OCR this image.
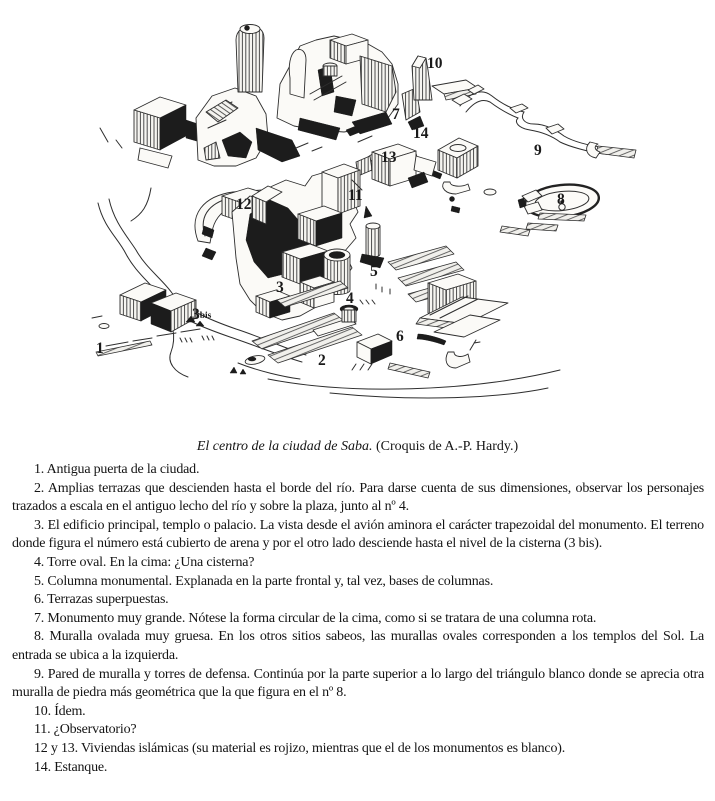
1
2
3
3bis
4
5
6
7
8
9
10
11
12
13
14

El centro de la ciudad de Saba. (Croquis de A.-P. Hardy.)

1. Antigua puerta de la ciudad.

2. Amplias terrazas que descienden hasta el borde del río. Para darse cuenta de sus dimensiones, observar los personajes trazados a escala en el antiguo lecho del río y sobre la plaza, junto al nº 4.

3. El edificio principal, templo o palacio. La vista desde el avión aminora el carácter trapezoidal del monumento. El terreno donde figura el número está cubierto de arena y por el otro lado desciende hasta el nivel de la cisterna (3 bis).

4. Torre oval. En la cima: ¿Una cisterna?

5. Columna monumental. Explanada en la parte frontal y, tal vez, bases de columnas.

6. Terrazas superpuestas.

7. Monumento muy grande. Nótese la forma circular de la cima, como si se tratara de una columna rota.

8. Muralla ovalada muy gruesa. En los otros sitios sabeos, las murallas ovales corresponden a los templos del Sol. La entrada se ubica a la izquierda.

9. Pared de muralla y torres de defensa. Continúa por la parte superior a lo largo del triángulo blanco donde se aprecia otra muralla de piedra más geométrica que la que figura en el nº 8.

10. Ídem.

11. ¿Observatorio?

12 y 13. Viviendas islámicas (su material es rojizo, mientras que el de los monumentos es blanco).

14. Estanque.
